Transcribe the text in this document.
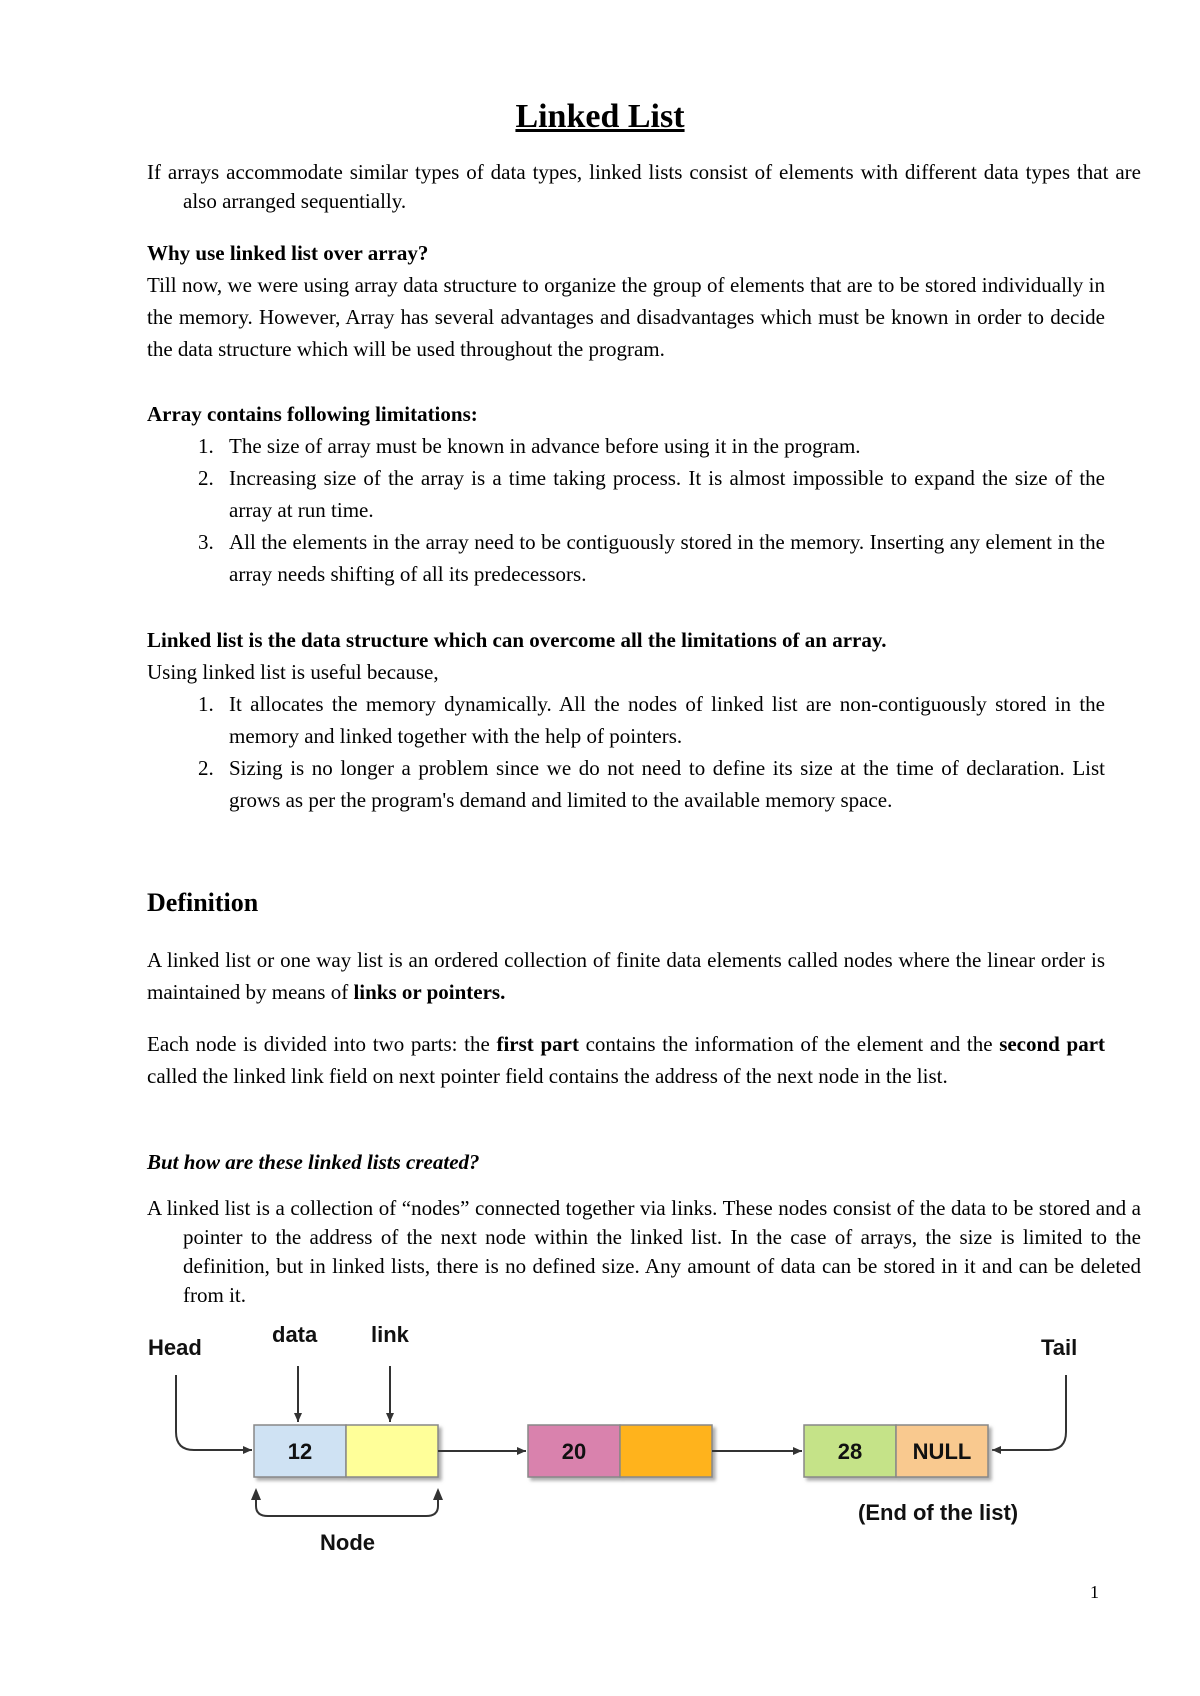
Linked List
If arrays accommodate similar types of data types, linked lists consist of elements with different data types that are also arranged sequentially.
Why use linked list over array?
Till now, we were using array data structure to organize the group of elements that are to be stored individually in the memory. However, Array has several advantages and disadvantages which must be known in order to decide the data structure which will be used throughout the program.
Array contains following limitations:
1. The size of array must be known in advance before using it in the program.
2. Increasing size of the array is a time taking process. It is almost impossible to expand the size of the array at run time.
3. All the elements in the array need to be contiguously stored in the memory. Inserting any element in the array needs shifting of all its predecessors.
Linked list is the data structure which can overcome all the limitations of an array.
Using linked list is useful because,
1. It allocates the memory dynamically. All the nodes of linked list are non-contiguously stored in the memory and linked together with the help of pointers.
2. Sizing is no longer a problem since we do not need to define its size at the time of declaration. List grows as per the program's demand and limited to the available memory space.
Definition
A linked list or one way list is an ordered collection of finite data elements called nodes where the linear order is maintained by means of links or pointers.
Each node is divided into two parts: the first part contains the information of the element and the second part called the linked link field on next pointer field contains the address of the next node in the list.
But how are these linked lists created?
A linked list is a collection of “nodes” connected together via links. These nodes consist of the data to be stored and a pointer to the address of the next node within the linked list. In the case of arrays, the size is limited to the definition, but in linked lists, there is no defined size. Any amount of data can be stored in it and can be deleted from it.
Head
data link
Tail
Node
(End of the list)
12	20	28 NULL
1
